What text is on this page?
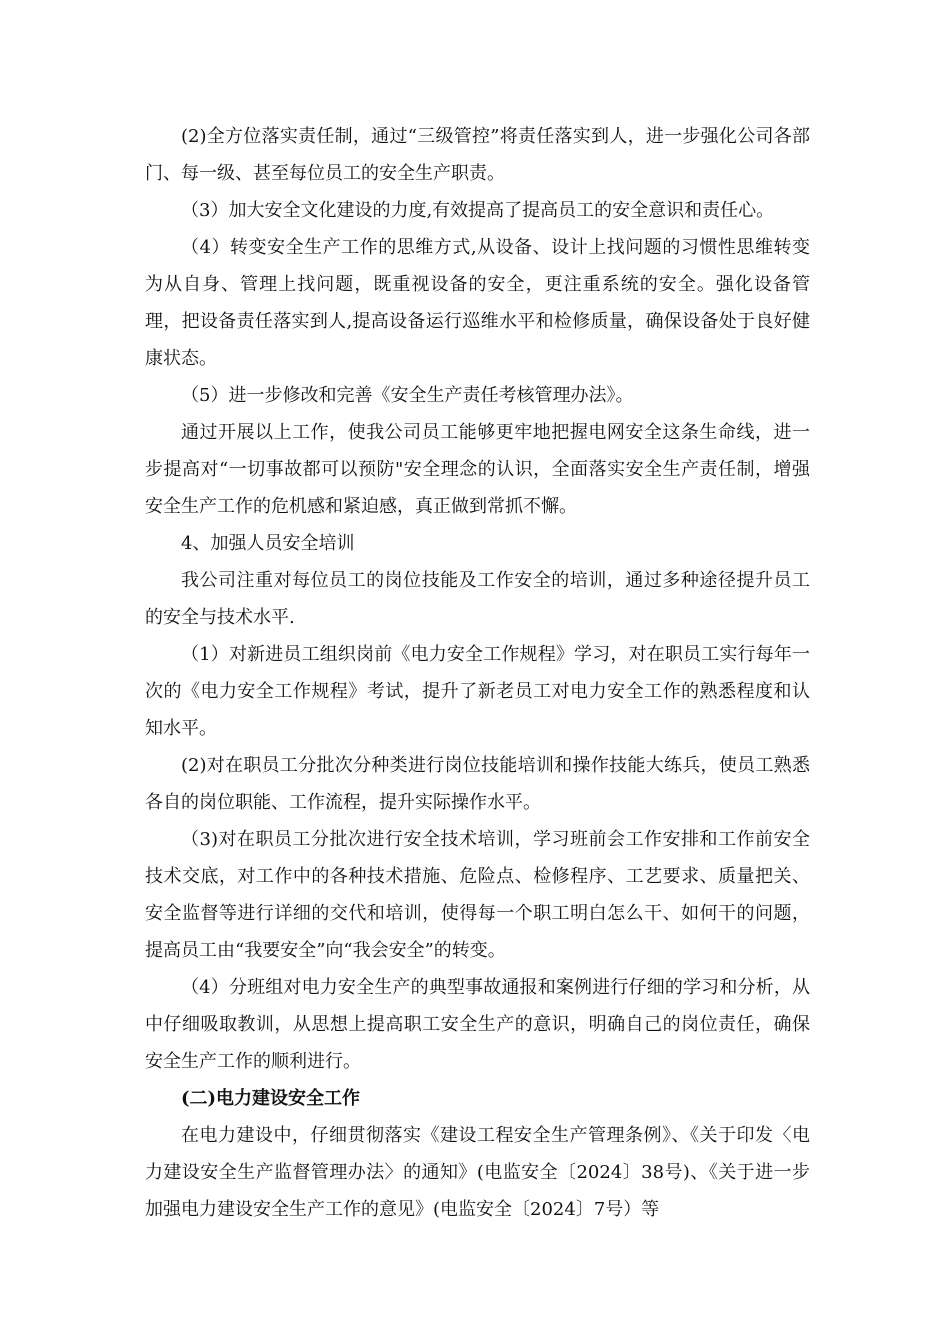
(2)全方位落实责任制，通过“三级管控”将责任落实到人，进一步强化公司各部门、每一级、甚至每位员工的安全生产职责。

（3）加大安全文化建设的力度,有效提高了提高员工的安全意识和责任心。

（4）转变安全生产工作的思维方式,从设备、设计上找问题的习惯性思维转变为从自身、管理上找问题，既重视设备的安全，更注重系统的安全。强化设备管理，把设备责任落实到人,提高设备运行巡维水平和检修质量，确保设备处于良好健康状态。

（5）进一步修改和完善《安全生产责任考核管理办法》。

通过开展以上工作，使我公司员工能够更牢地把握电网安全这条生命线，进一步提高对“一切事故都可以预防"安全理念的认识，全面落实安全生产责任制，增强安全生产工作的危机感和紧迫感，真正做到常抓不懈。

4、加强人员安全培训

我公司注重对每位员工的岗位技能及工作安全的培训，通过多种途径提升员工的安全与技术水平.

（1）对新进员工组织岗前《电力安全工作规程》学习，对在职员工实行每年一次的《电力安全工作规程》考试，提升了新老员工对电力安全工作的熟悉程度和认知水平。

(2)对在职员工分批次分种类进行岗位技能培训和操作技能大练兵，使员工熟悉各自的岗位职能、工作流程，提升实际操作水平。

（3)对在职员工分批次进行安全技术培训，学习班前会工作安排和工作前安全技术交底，对工作中的各种技术措施、危险点、检修程序、工艺要求、质量把关、安全监督等进行详细的交代和培训，使得每一个职工明白怎么干、如何干的问题，提高员工由“我要安全”向“我会安全”的转变。

（4）分班组对电力安全生产的典型事故通报和案例进行仔细的学习和分析，从中仔细吸取教训，从思想上提高职工安全生产的意识，明确自己的岗位责任，确保安全生产工作的顺利进行。

(二)电力建设安全工作

在电力建设中，仔细贯彻落实《建设工程安全生产管理条例》、《关于印发〈电力建设安全生产监督管理办法〉的通知》(电监安全〔2024〕38号)、《关于进一步加强电力建设安全生产工作的意见》(电监安全〔2024〕7号）等
